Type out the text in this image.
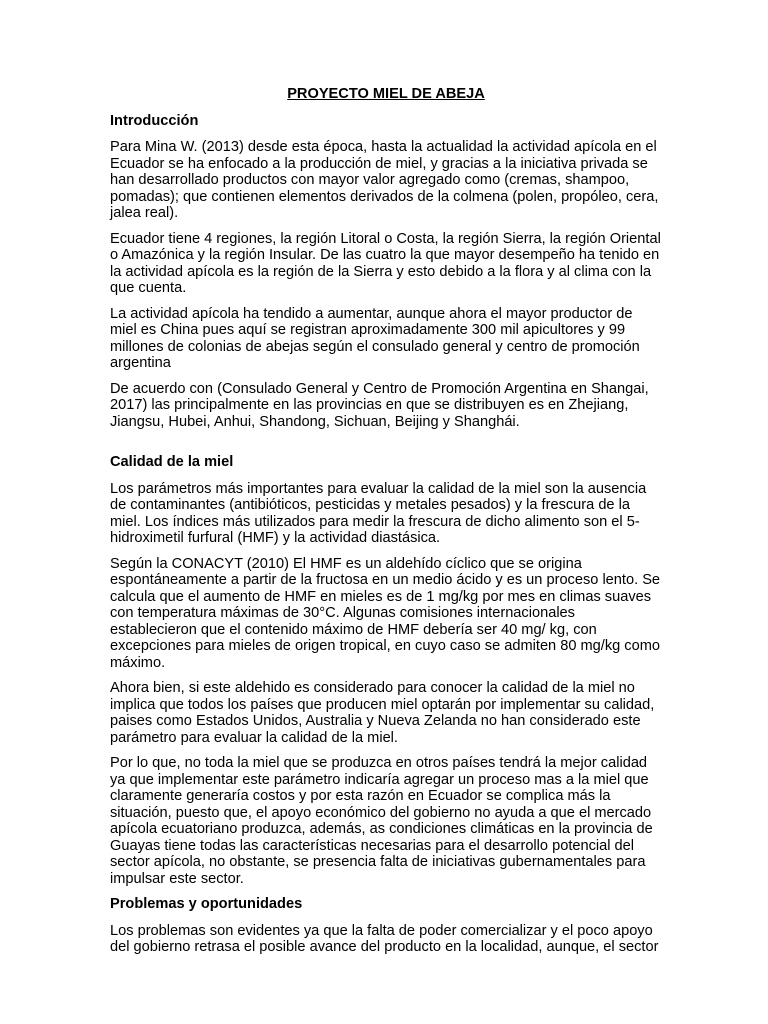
PROYECTO MIEL DE ABEJA
Introducción

Para Mina W. (2013) desde esta época, hasta la actualidad la actividad apícola en el Ecuador se ha enfocado a la producción de miel, y gracias a la iniciativa privada se han desarrollado productos con mayor valor agregado como (cremas, shampoo, pomadas); que contienen elementos derivados de la colmena (polen, propóleo, cera, jalea real).

Ecuador tiene 4 regiones, la región Litoral o Costa, la región Sierra, la región Oriental o Amazónica y la región Insular. De las cuatro la que mayor desempeño ha tenido en la actividad apícola es la región de la Sierra y esto debido a la flora y al clima con la que cuenta.

La actividad apícola ha tendido a aumentar, aunque ahora el mayor productor de miel es China pues aquí se registran aproximadamente 300 mil apicultores y 99 millones de colonias de abejas según el consulado general y centro de promoción argentina

De acuerdo con (Consulado General y Centro de Promoción Argentina en Shangai, 2017) las principalmente en las provincias en que se distribuyen es en Zhejiang, Jiangsu, Hubei, Anhui, Shandong, Sichuan, Beijing y Shanghái.

Calidad de la miel

Los parámetros más importantes para evaluar la calidad de la miel son la ausencia de contaminantes (antibióticos, pesticidas y metales pesados) y la frescura de la miel. Los índices más utilizados para medir la frescura de dicho alimento son el 5-hidroximetil furfural (HMF) y la actividad diastásica.

Según la CONACYT (2010) El HMF es un aldehído cíclico que se origina espontáneamente a partir de la fructosa en un medio ácido y es un proceso lento. Se calcula que el aumento de HMF en mieles es de 1 mg/kg por mes en climas suaves con temperatura máximas de 30°C. Algunas comisiones internacionales establecieron que el contenido máximo de HMF debería ser 40 mg/ kg, con excepciones para mieles de origen tropical, en cuyo caso se admiten 80 mg/kg como máximo.

Ahora bien, si este aldehido es considerado para conocer la calidad de la miel no implica que todos los países que producen miel optarán por implementar su calidad, paises como Estados Unidos, Australia y Nueva Zelanda no han considerado este parámetro para evaluar la calidad de la miel.

Por lo que, no toda la miel que se produzca en otros países tendrá la mejor calidad ya que implementar este parámetro indicaría agregar un proceso mas a la miel que claramente generaría costos y por esta razón en Ecuador se complica más la situación, puesto que, el apoyo económico del gobierno no ayuda a que el mercado apícola ecuatoriano produzca, además, as condiciones climáticas en la provincia de Guayas tiene todas las características necesarias para el desarrollo potencial del sector apícola, no obstante, se presencia falta de iniciativas gubernamentales para impulsar este sector.

Problemas y oportunidades

Los problemas son evidentes ya que la falta de poder comercializar y el poco apoyo del gobierno retrasa el posible avance del producto en la localidad, aunque, el sector
